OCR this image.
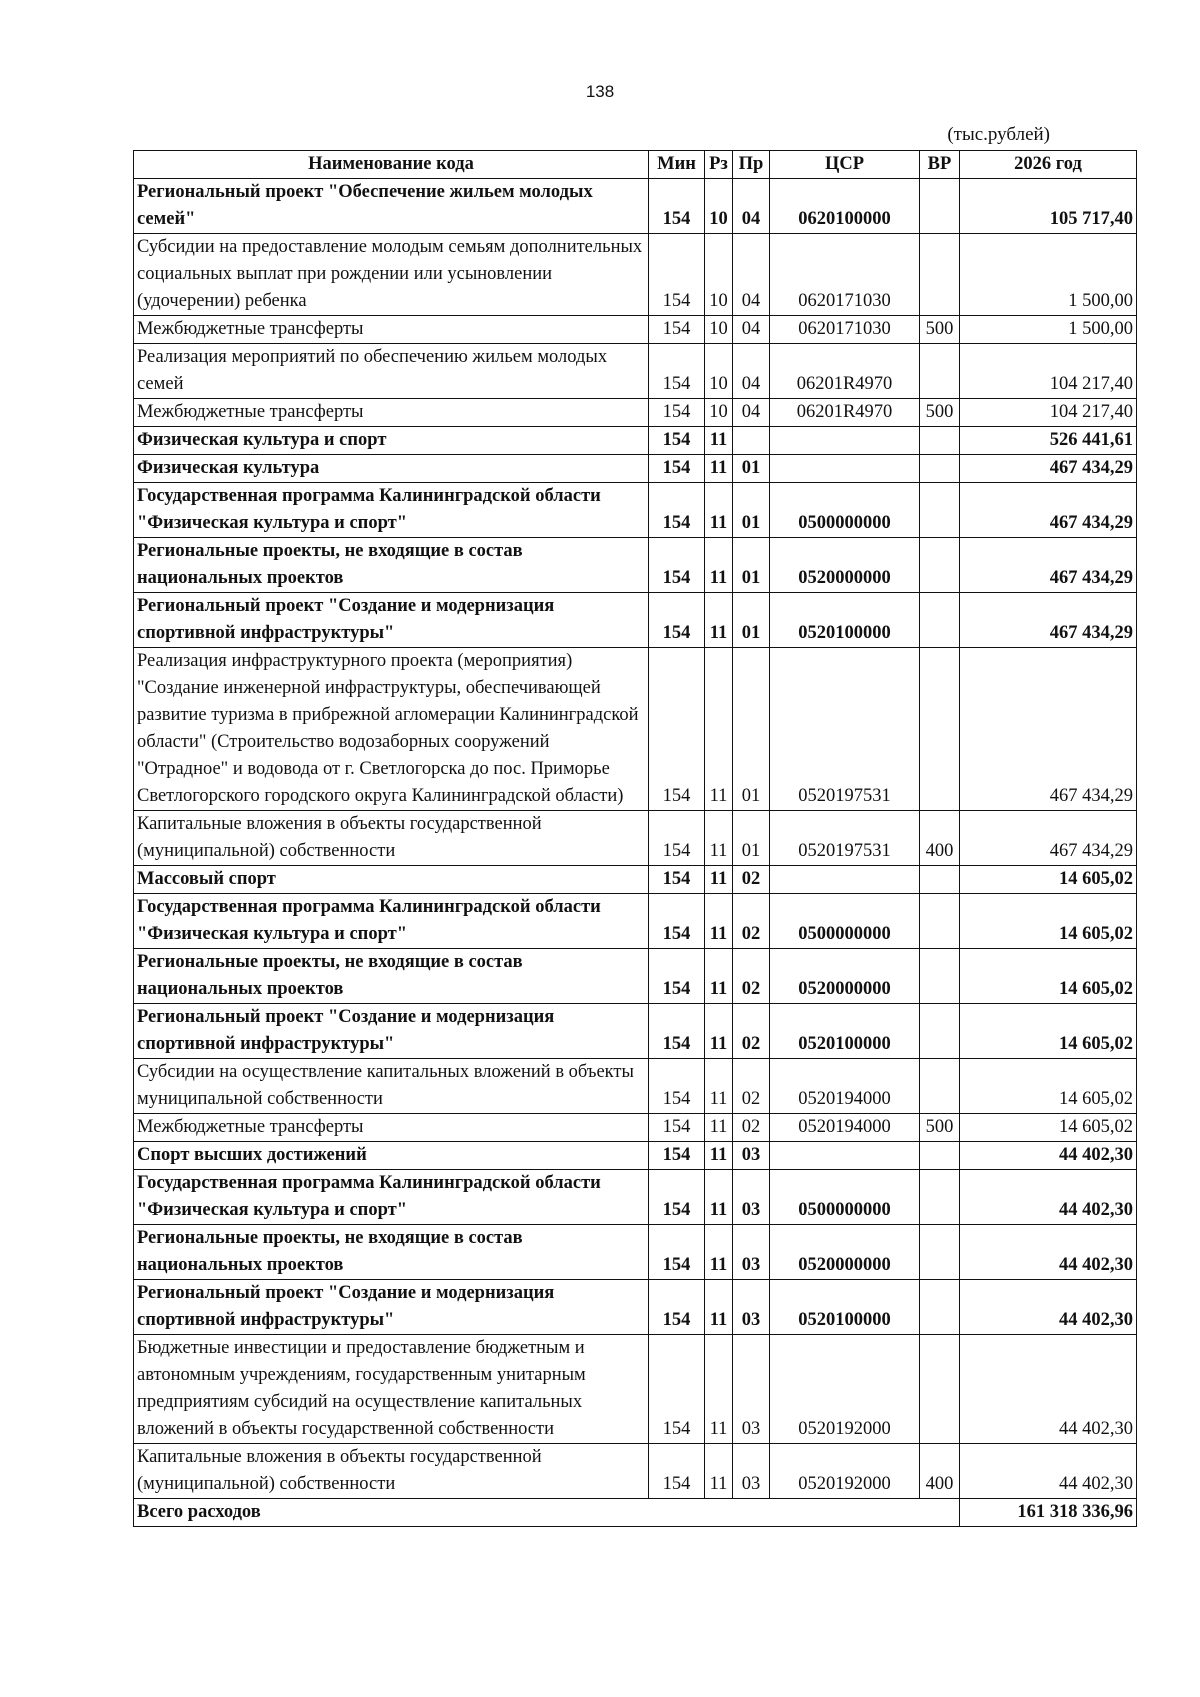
138
(тыс.рублей)
Наименование кода	Мин	Рз	Пр	ЦСР	ВР	2026 год
Региональный проект "Обеспечение жильем молодых семей"	154	10	04	0620100000		105 717,40
Субсидии на предоставление молодым семьям дополнительных социальных выплат при рождении или усыновлении (удочерении) ребенка	154	10	04	0620171030		1 500,00
Межбюджетные трансферты	154	10	04	0620171030	500	1 500,00
Реализация мероприятий по обеспечению жильем молодых семей	154	10	04	06201R4970		104 217,40
Межбюджетные трансферты	154	10	04	06201R4970	500	104 217,40
Физическая культура и спорт	154	11				526 441,61
Физическая культура	154	11	01			467 434,29
Государственная программа Калининградской области "Физическая культура и спорт"	154	11	01	0500000000		467 434,29
Региональные проекты, не входящие в состав национальных проектов	154	11	01	0520000000		467 434,29
Региональный проект "Создание и модернизация спортивной инфраструктуры"	154	11	01	0520100000		467 434,29
Реализация инфраструктурного проекта (мероприятия) "Создание инженерной инфраструктуры, обеспечивающей развитие туризма в прибрежной агломерации Калининградской области" (Строительство водозаборных сооружений "Отрадное" и водовода от г. Светлогорска до пос. Приморье Светлогорского городского округа Калининградской области)	154	11	01	0520197531		467 434,29
Капитальные вложения в объекты государственной (муниципальной) собственности	154	11	01	0520197531	400	467 434,29
Массовый спорт	154	11	02			14 605,02
Государственная программа Калининградской области "Физическая культура и спорт"	154	11	02	0500000000		14 605,02
Региональные проекты, не входящие в состав национальных проектов	154	11	02	0520000000		14 605,02
Региональный проект "Создание и модернизация спортивной инфраструктуры"	154	11	02	0520100000		14 605,02
Субсидии на осуществление капитальных вложений в объекты муниципальной собственности	154	11	02	0520194000		14 605,02
Межбюджетные трансферты	154	11	02	0520194000	500	14 605,02
Спорт высших достижений	154	11	03			44 402,30
Государственная программа Калининградской области "Физическая культура и спорт"	154	11	03	0500000000		44 402,30
Региональные проекты, не входящие в состав национальных проектов	154	11	03	0520000000		44 402,30
Региональный проект "Создание и модернизация спортивной инфраструктуры"	154	11	03	0520100000		44 402,30
Бюджетные инвестиции и предоставление бюджетным и автономным учреждениям, государственным унитарным предприятиям субсидий на осуществление капитальных вложений в объекты государственной собственности	154	11	03	0520192000		44 402,30
Капитальные вложения в объекты государственной (муниципальной) собственности	154	11	03	0520192000	400	44 402,30
Всего расходов						161 318 336,96
